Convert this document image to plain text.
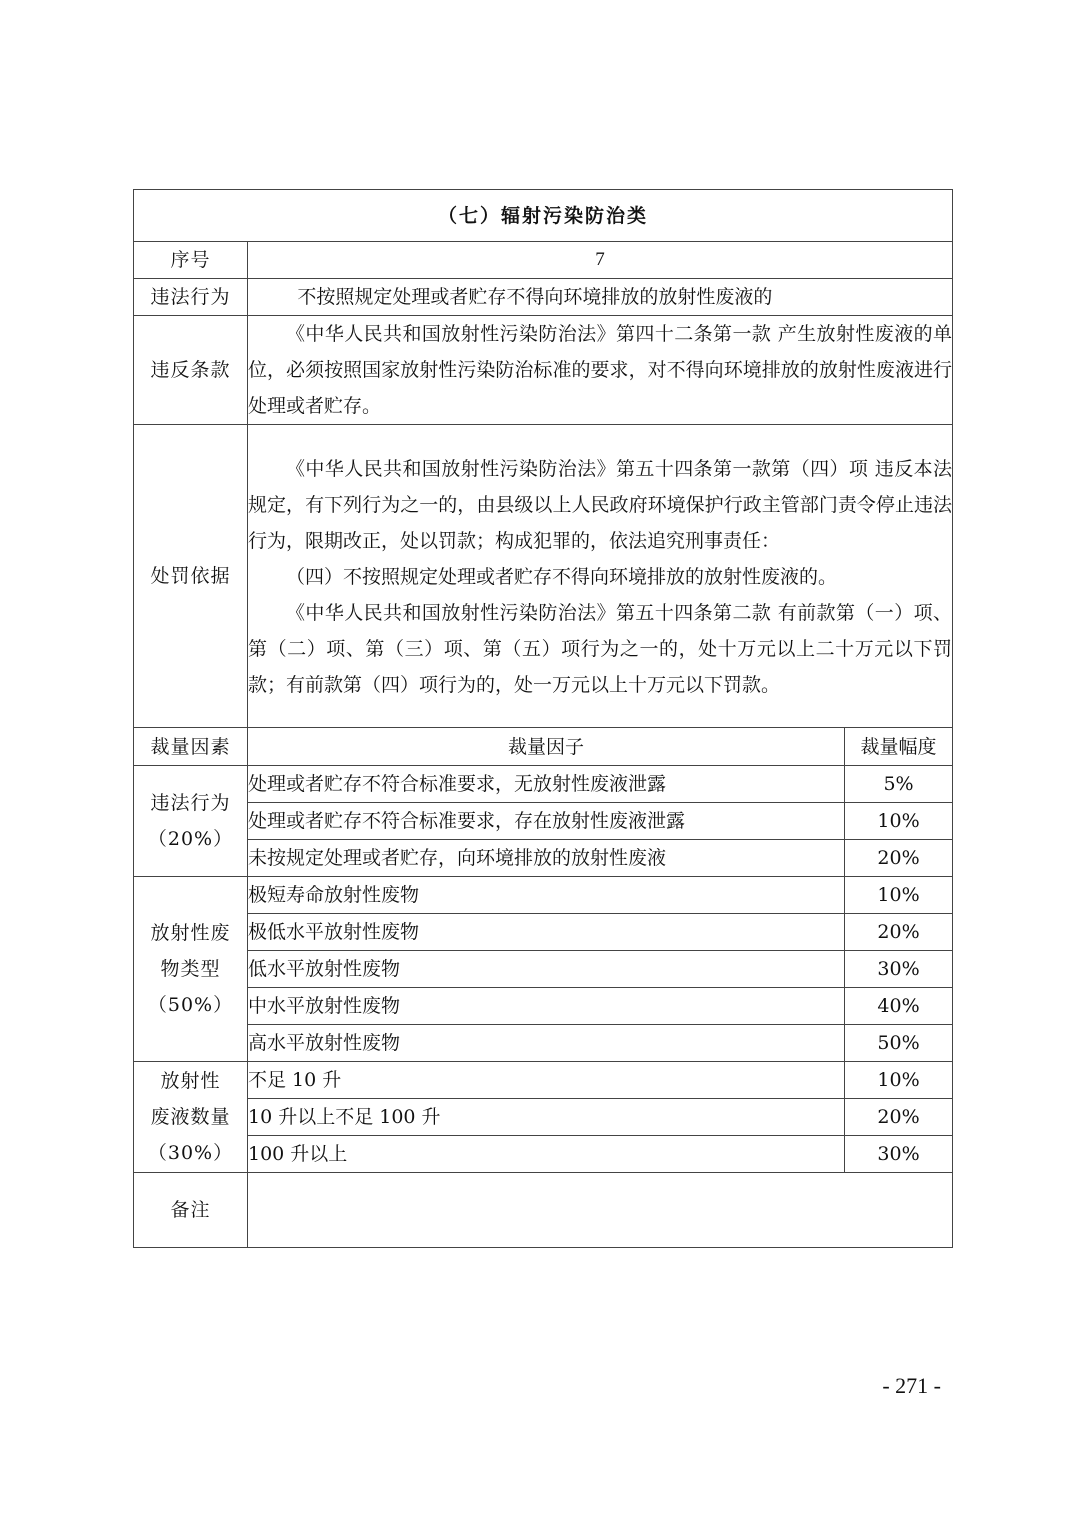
（七）辐射污染防治类		
序号	7	
违法行为	不按照规定处理或者贮存不得向环境排放的放射性废液的	

违反条款	《中华人民共和国放射性污染防治法》第四十二条第一款 产生放射性废液的单位，必须按照国家放射性污染防治标准的要求，对不得向环境排放的放射性废液进行处理或者贮存。	

处罚依据	《中华人民共和国放射性污染防治法》第五十四条第一款第（四）项 违反本法规定，有下列行为之一的，由县级以上人民政府环境保护行政主管部门责令停止违法行为，限期改正，处以罚款；构成犯罪的，依法追究刑事责任：

（四）不按照规定处理或者贮存不得向环境排放的放射性废液的。

《中华人民共和国放射性污染防治法》第五十四条第二款 有前款第（一）项、第（二）项、第（三）项、第（五）项行为之一的，处十万元以上二十万元以下罚款；有前款第（四）项行为的，处一万元以上十万元以下罚款。	

裁量因素	裁量因子	裁量幅度

违法行为
（20%）	处理或者贮存不符合标准要求，无放射性废液泄露	5%
	处理或者贮存不符合标准要求，存在放射性废液泄露	10%
	未按规定处理或者贮存，向环境排放的放射性废液	20%

放射性废
物类型
（50%）	极短寿命放射性废物	10%
	极低水平放射性废物	20%
	低水平放射性废物	30%
	中水平放射性废物	40%
	高水平放射性废物	50%

放射性
废液数量
（30%）	不足 10 升	10%
	10 升以上不足 100 升	20%
	100 升以上	30%
备注		
- 271 -
